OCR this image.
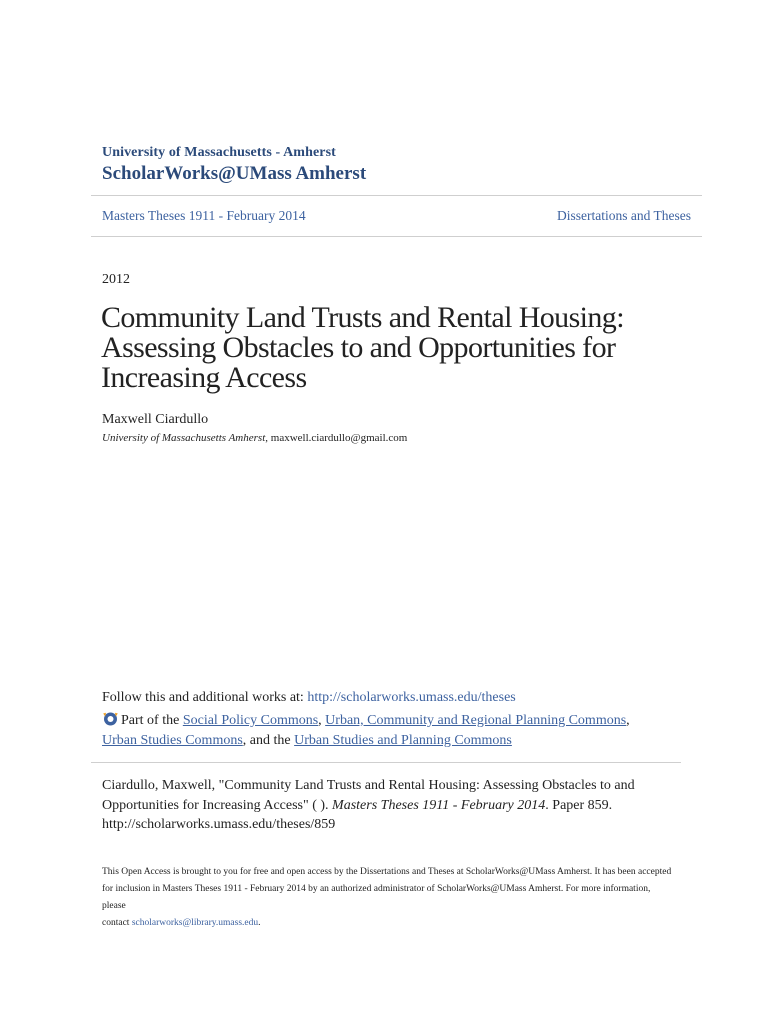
University of Massachusetts - Amherst
ScholarWorks@UMass Amherst
Masters Theses 1911 - February 2014	Dissertations and Theses
2012
Community Land Trusts and Rental Housing:
Assessing Obstacles to and Opportunities for
Increasing Access
Maxwell Ciardullo
University of Massachusetts Amherst, maxwell.ciardullo@gmail.com
Follow this and additional works at: http://scholarworks.umass.edu/theses
Part of the Social Policy Commons, Urban, Community and Regional Planning Commons,
Urban Studies Commons, and the Urban Studies and Planning Commons
Ciardullo, Maxwell, "Community Land Trusts and Rental Housing: Assessing Obstacles to and
Opportunities for Increasing Access" ( ). Masters Theses 1911 - February 2014. Paper 859.
http://scholarworks.umass.edu/theses/859
This Open Access is brought to you for free and open access by the Dissertations and Theses at ScholarWorks@UMass Amherst. It has been accepted
for inclusion in Masters Theses 1911 - February 2014 by an authorized administrator of ScholarWorks@UMass Amherst. For more information, please
contact scholarworks@library.umass.edu.
